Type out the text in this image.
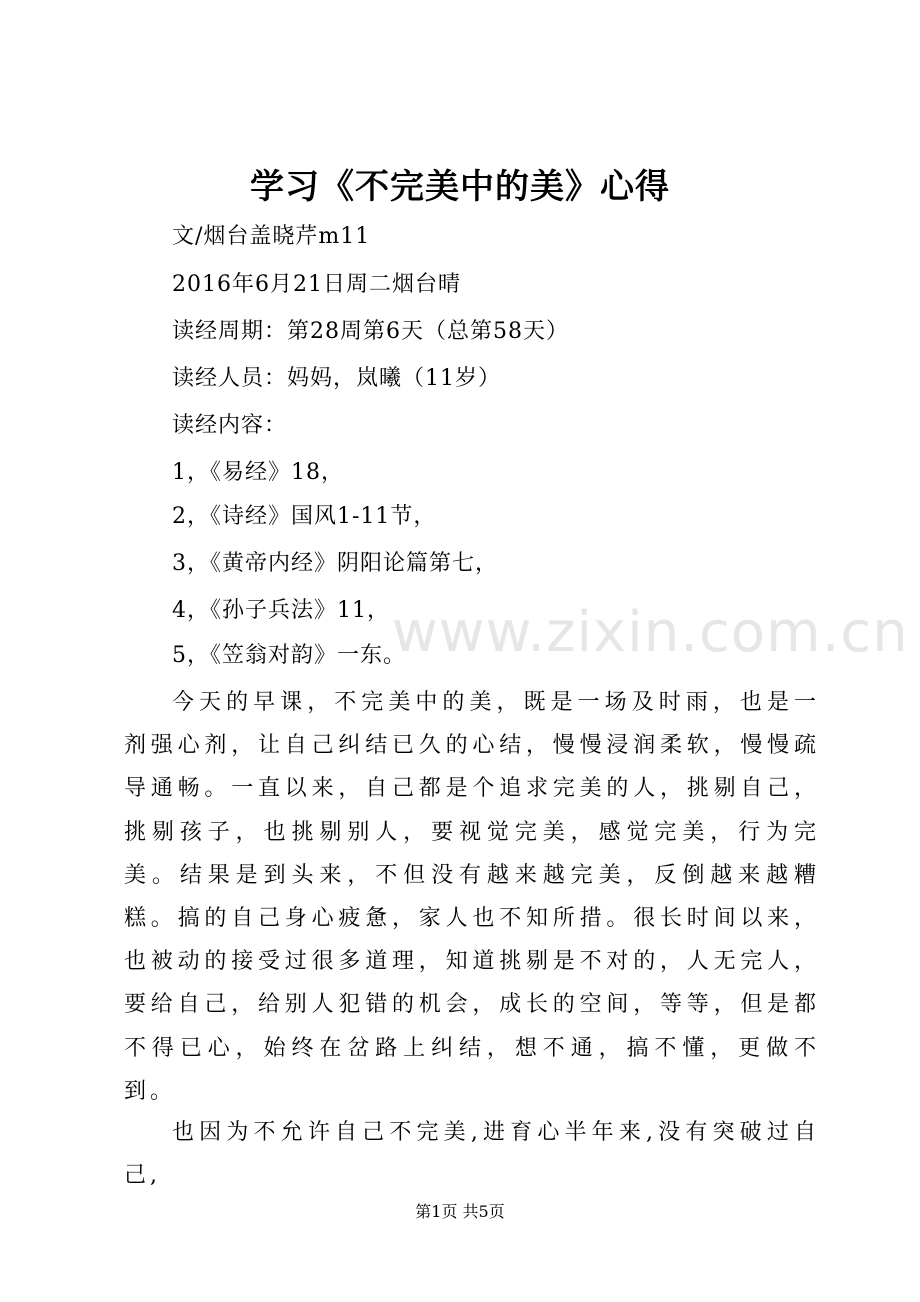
学习《不完美中的美》心得
文/烟台盖晓芹m11
2016年6月21日周二烟台晴
读经周期：第28周第6天（总第58天）
读经人员：妈妈，岚曦（11岁）
读经内容：
1，《易经》18，
2，《诗经》国风1-11节，
3，《黄帝内经》阴阳论篇第七，
4，《孙子兵法》11， www.zixin.com.cn
5，《笠翁对韵》一东。

今天的早课，不完美中的美，既是一场及时雨，也是一剂强心剂，让自己纠结已久的心结，慢慢浸润柔软，慢慢疏导通畅。一直以来，自己都是个追求完美的人，挑剔自己，挑剔孩子，也挑剔别人，要视觉完美，感觉完美，行为完美。结果是到头来，不但没有越来越完美，反倒越来越糟糕。搞的自己身心疲惫，家人也不知所措。很长时间以来，也被动的接受过很多道理，知道挑剔是不对的，人无完人，要给自己，给别人犯错的机会，成长的空间，等等，但是都不得已心，始终在岔路上纠结，想不通，搞不懂，更做不到。

也因为不允许自己不完美,进育心半年来,没有突破过自己,

第1页 共5页
